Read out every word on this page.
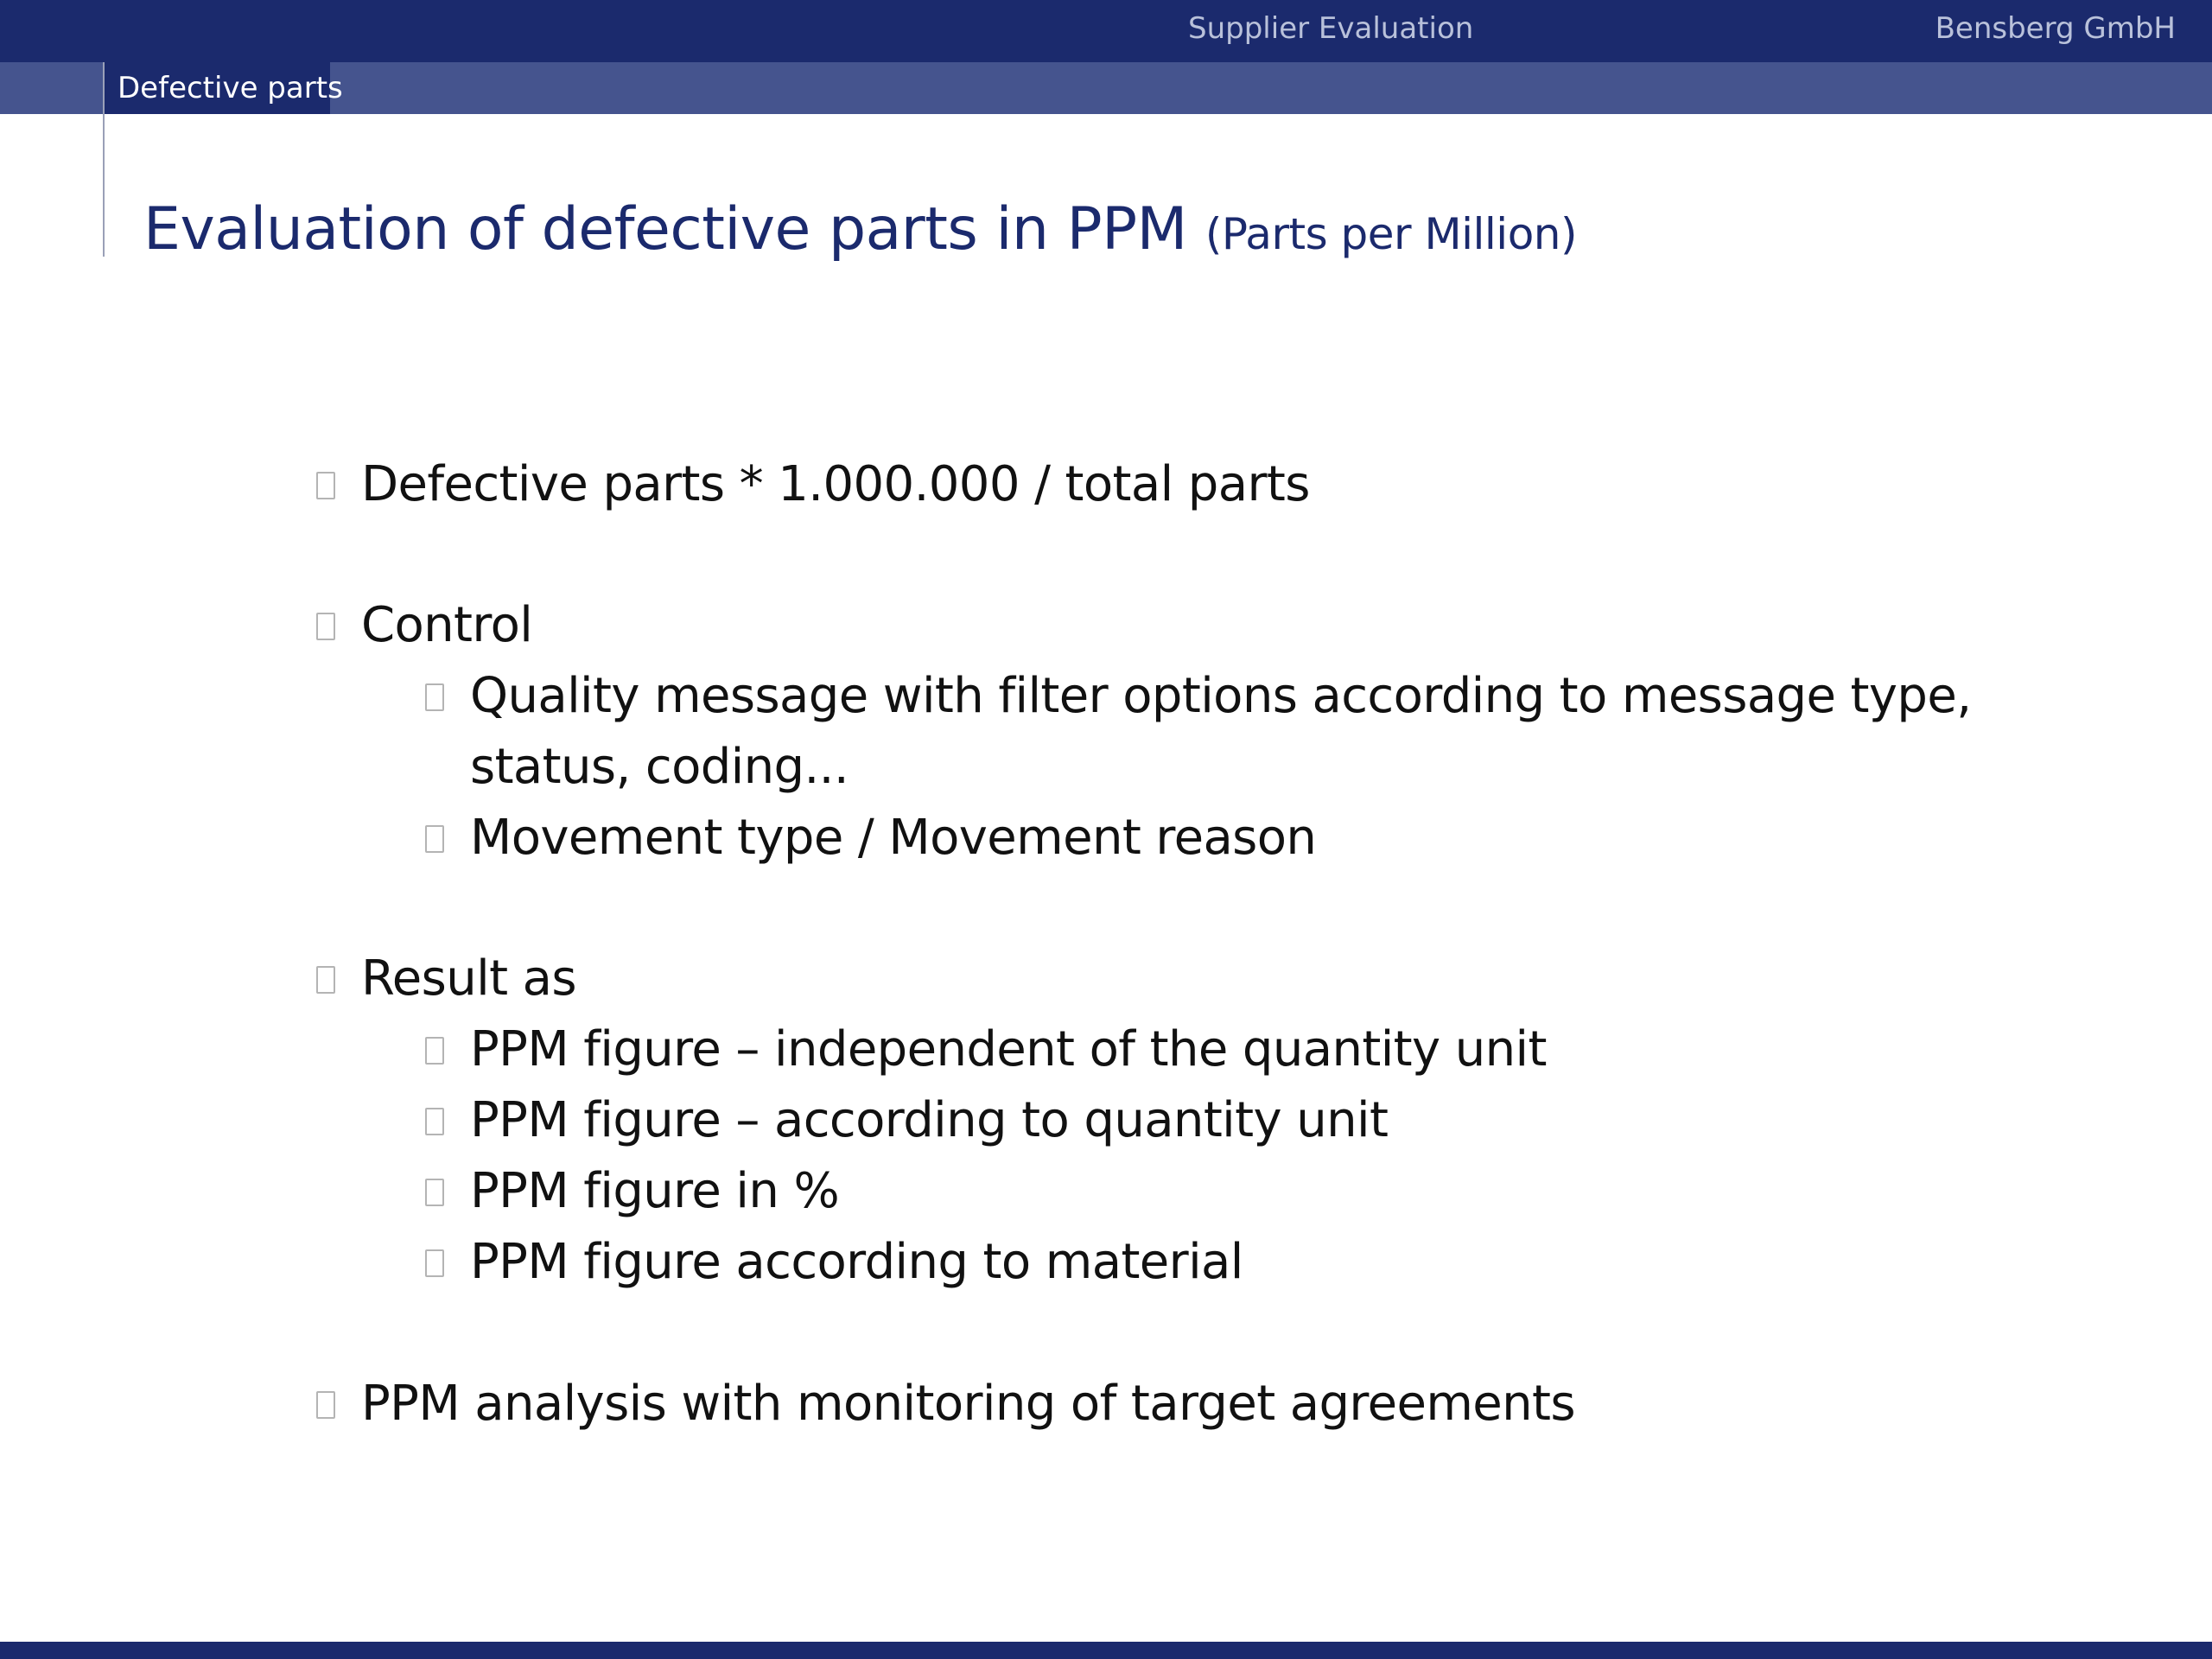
Supplier Evaluation	Bensberg GmbH
Defective parts
Evaluation of defective parts in PPM (Parts per Million)
Defective parts * 1.000.000 / total parts
Control
Quality message with filter options according to message type,
status, coding...
Movement type / Movement reason
Result as
PPM figure – independent of the quantity unit
PPM figure – according to quantity unit
PPM figure in %
PPM figure according to material
PPM analysis with monitoring of target agreements
